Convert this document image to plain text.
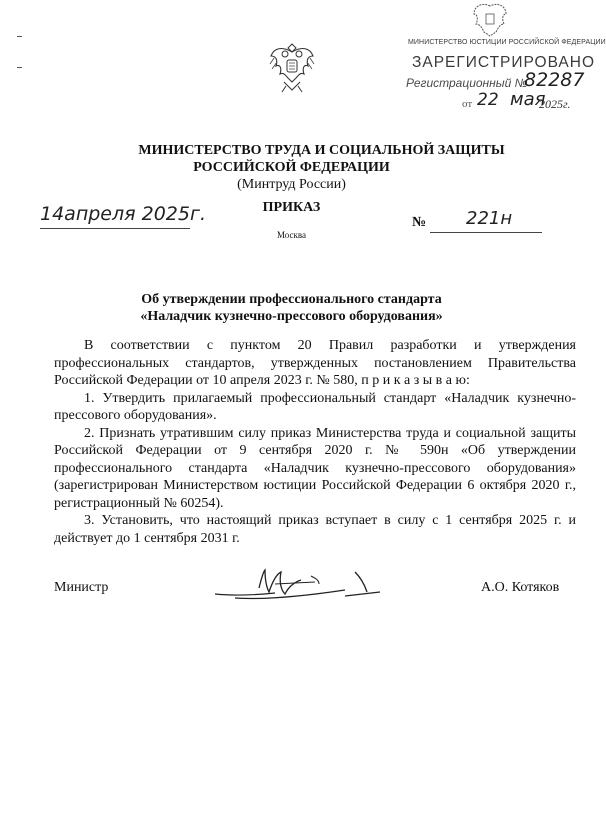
МИНИСТЕРСТВО ЮСТИЦИИ РОССИЙСКОЙ ФЕДЕРАЦИИ
ЗАРЕГИСТРИРОВАНО
Регистрационный №
82287
от 22 мая
2025г.
МИНИСТЕРСТВО ТРУДА И СОЦИАЛЬНОЙ ЗАЩИТЫ
РОССИЙСКОЙ ФЕДЕРАЦИИ
(Минтруд России)
ПРИКАЗ
14апреля 2025г.
Москва
№ 221н
Об утверждении профессионального стандарта
«Наладчик кузнечно-прессового оборудования»

В соответствии с пунктом 20 Правил разработки и утверждения профессиональных стандартов, утвержденных постановлением Правительства Российской Федерации от 10 апреля 2023 г. № 580, п р и к а з ы в а ю:

1. Утвердить прилагаемый профессиональный стандарт «Наладчик кузнечно-прессового оборудования».

2. Признать утратившим силу приказ Министерства труда и социальной защиты Российской Федерации от 9 сентября 2020 г. № 590н «Об утверждении профессионального стандарта «Наладчик кузнечно-прессового оборудования» (зарегистрирован Министерством юстиции Российской Федерации 6 октября 2020 г., регистрационный № 60254).

3. Установить, что настоящий приказ вступает в силу с 1 сентября 2025 г. и действует до 1 сентября 2031 г.

Министр	А.О. Котяков
